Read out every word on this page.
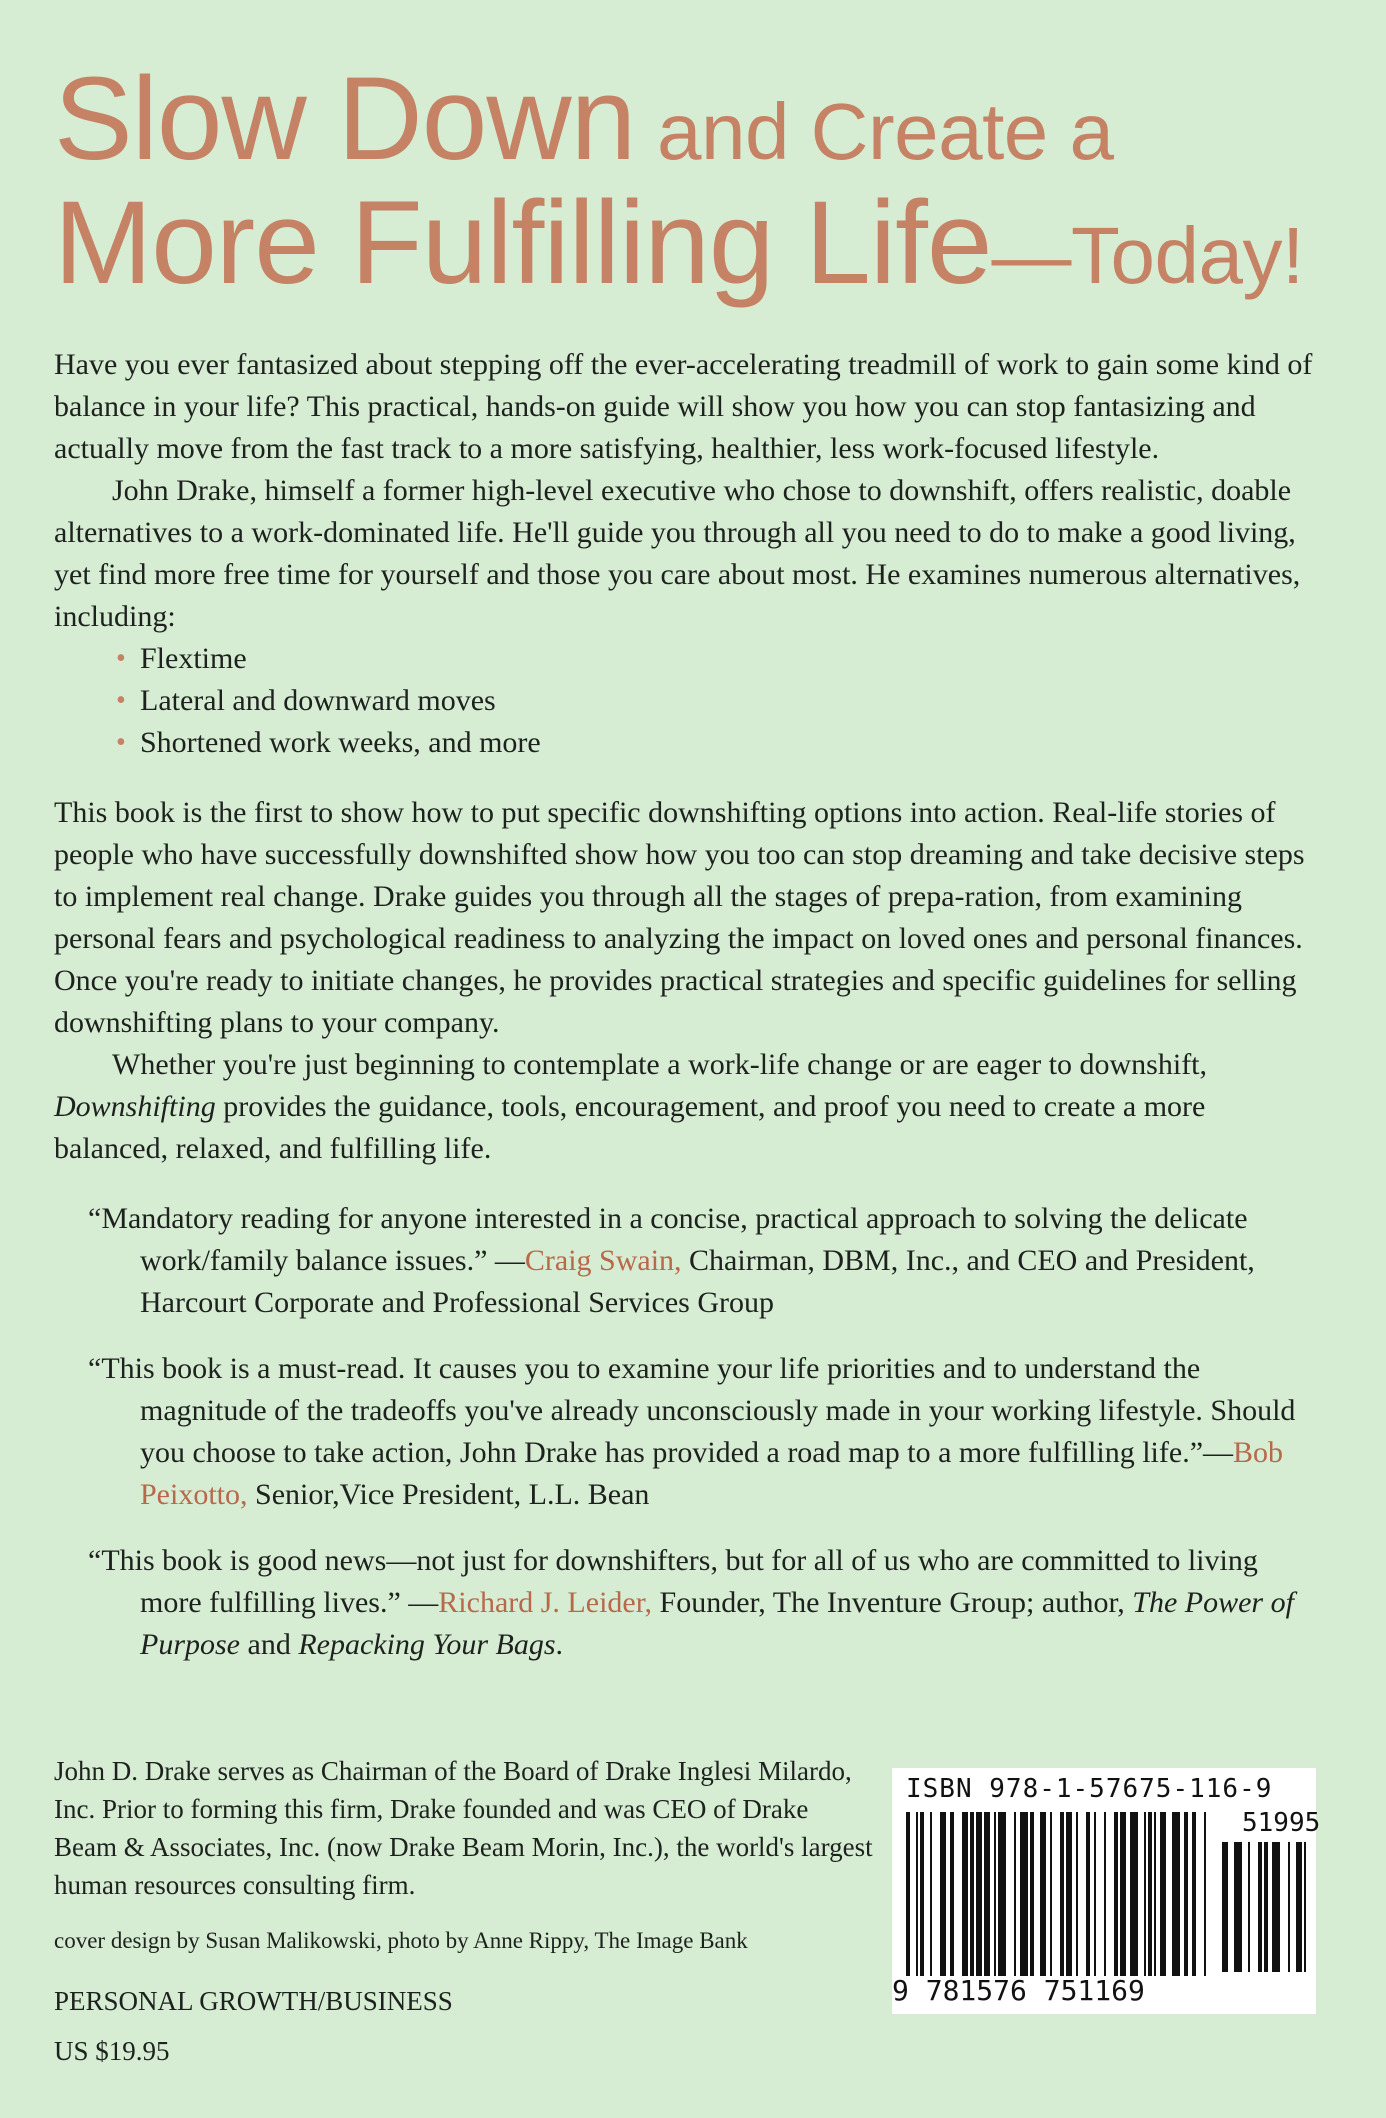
Slow Down and Create a
More Fulfilling Life—Today!

Have you ever fantasized about stepping off the ever-accelerating treadmill of work to gain some kind of balance in your life? This practical, hands-on guide will show you how you can stop fantasizing and actually move from the fast track to a more satisfying, healthier, less work-focused lifestyle.

John Drake, himself a former high-level executive who chose to downshift, offers realistic, doable alternatives to a work-dominated life. He'll guide you through all you need to do to make a good living, yet find more free time for yourself and those you care about most. He examines numerous alternatives, including:

• Flextime
• Lateral and downward moves
• Shortened work weeks, and more

This book is the first to show how to put specific downshifting options into action. Real-life stories of people who have successfully downshifted show how you too can stop dreaming and take decisive steps to implement real change. Drake guides you through all the stages of prepa-ration, from examining personal fears and psychological readiness to analyzing the impact on loved ones and personal finances. Once you're ready to initiate changes, he provides practical strategies and specific guidelines for selling downshifting plans to your company.

Whether you're just beginning to contemplate a work-life change or are eager to downshift, Downshifting provides the guidance, tools, encouragement, and proof you need to create a more balanced, relaxed, and fulfilling life.

“Mandatory reading for anyone interested in a concise, practical approach to solving the delicate work/family balance issues.” —Craig Swain, Chairman, DBM, Inc., and CEO and President, Harcourt Corporate and Professional Services Group

“This book is a must-read. It causes you to examine your life priorities and to understand the magnitude of the tradeoffs you've already unconsciously made in your working lifestyle. Should you choose to take action, John Drake has provided a road map to a more fulfilling life.”—Bob Peixotto, Senior,Vice President, L.L. Bean

“This book is good news—not just for downshifters, but for all of us who are committed to living more fulfilling lives.” —Richard J. Leider, Founder, The Inventure Group; author, The Power of Purpose and Repacking Your Bags.

John D. Drake serves as Chairman of the Board of Drake Inglesi Milardo, Inc. Prior to forming this firm, Drake founded and was CEO of Drake Beam & Associates, Inc. (now Drake Beam Morin, Inc.), the world's largest human resources consulting firm.

cover design by Susan Malikowski, photo by Anne Rippy, The Image Bank

PERSONAL GROWTH/BUSINESS

US $19.95

ISBN 978-1-57675-116-9
51995
9 781576 751169
